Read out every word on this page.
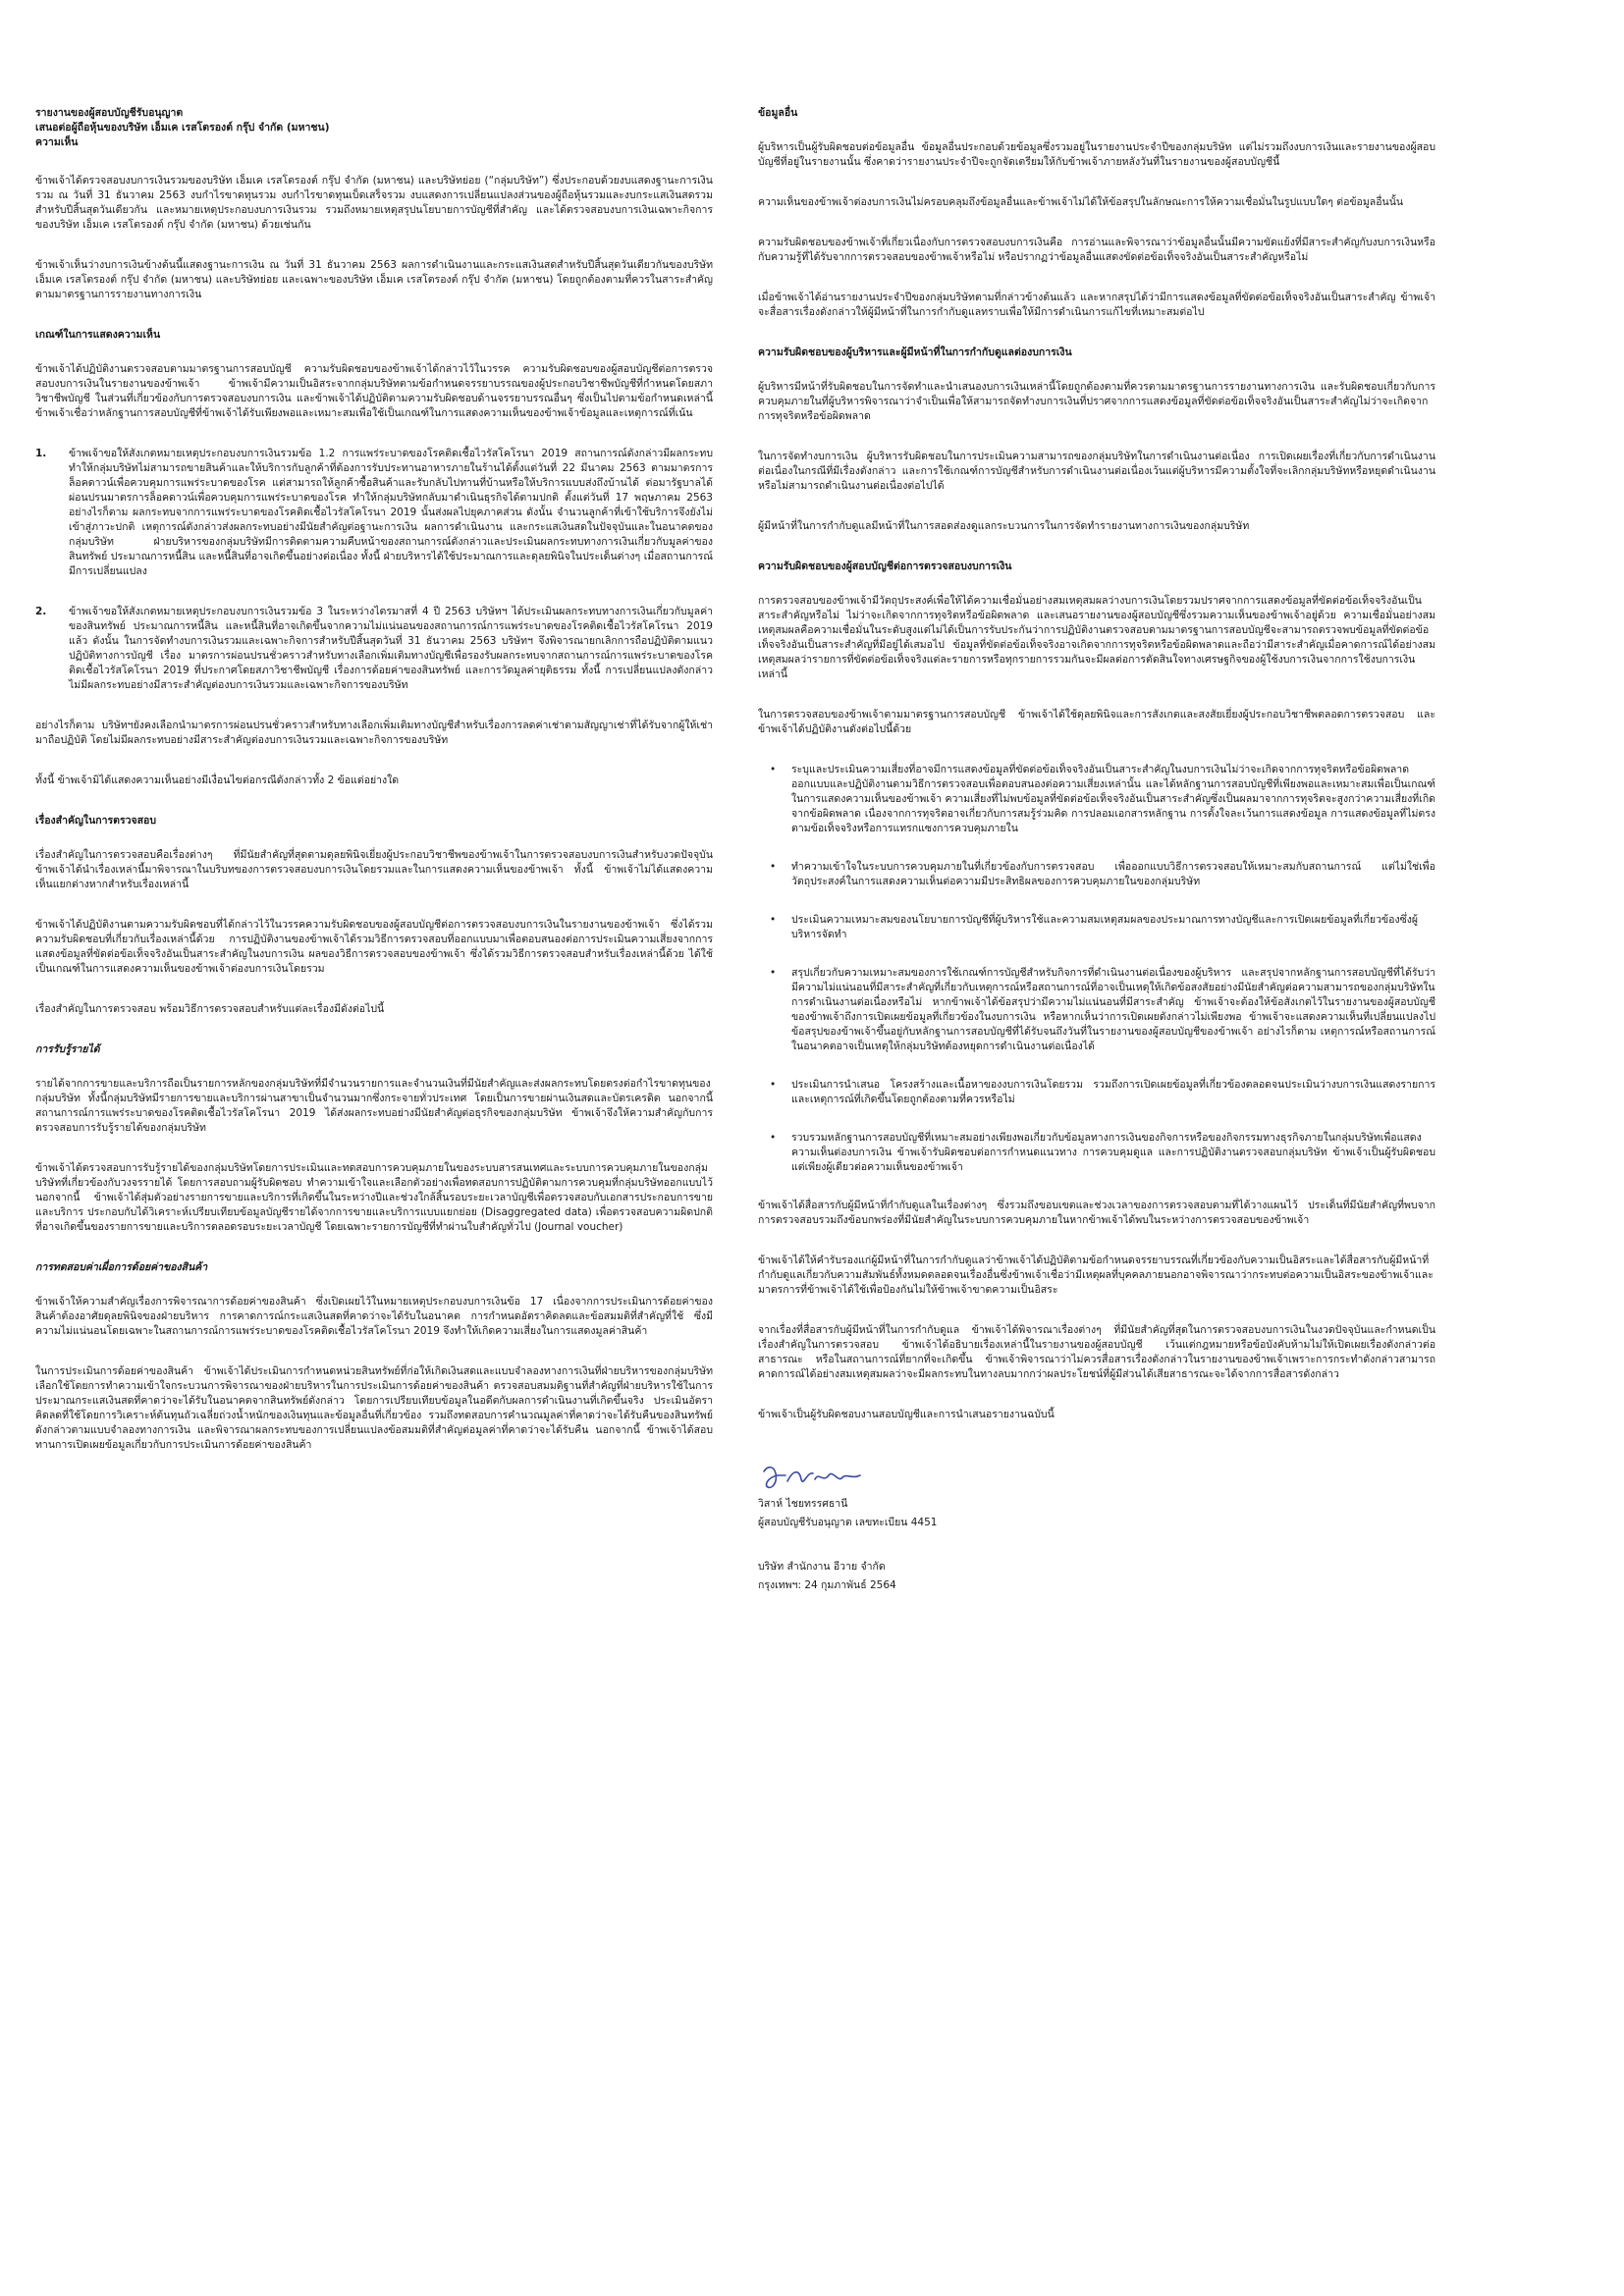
รายงานของผู้สอบบัญชีรับอนุญาต

เสนอต่อผู้ถือหุ้นของบริษัท เอ็มเค เรสโตรองต์ กรุ๊ป จำกัด (มหาชน)

ความเห็น

ข้าพเจ้าได้ตรวจสอบงบการเงินรวมของบริษัท เอ็มเค เรสโตรองต์ กรุ๊ป จำกัด (มหาชน) และบริษัทย่อย (“กลุ่มบริษัท”) ซึ่งประกอบด้วยงบแสดงฐานะการเงินรวม ณ วันที่ 31 ธันวาคม 2563 งบกำไรขาดทุนรวม งบกำไรขาดทุนเบ็ดเสร็จรวม งบแสดงการเปลี่ยนแปลงส่วนของผู้ถือหุ้นรวมและงบกระแสเงินสดรวม สำหรับปีสิ้นสุดวันเดียวกัน และหมายเหตุประกอบงบการเงินรวม รวมถึงหมายเหตุสรุปนโยบายการบัญชีที่สำคัญ และได้ตรวจสอบงบการเงินเฉพาะกิจการของบริษัท เอ็มเค เรสโตรองต์ กรุ๊ป จำกัด (มหาชน) ด้วยเช่นกัน

ข้าพเจ้าเห็นว่างบการเงินข้างต้นนี้แสดงฐานะการเงิน ณ วันที่ 31 ธันวาคม 2563 ผลการดำเนินงานและกระแสเงินสดสำหรับปีสิ้นสุดวันเดียวกันของบริษัท เอ็มเค เรสโตรองต์ กรุ๊ป จำกัด (มหาชน) และบริษัทย่อย และเฉพาะของบริษัท เอ็มเค เรสโตรองต์ กรุ๊ป จำกัด (มหาชน) โดยถูกต้องตามที่ควรในสาระสำคัญตามมาตรฐานการรายงานทางการเงิน

เกณฑ์ในการแสดงความเห็น

ข้าพเจ้าได้ปฏิบัติงานตรวจสอบตามมาตรฐานการสอบบัญชี ความรับผิดชอบของข้าพเจ้าได้กล่าวไว้ในวรรค ความรับผิดชอบของผู้สอบบัญชีต่อการตรวจสอบงบการเงินในรายงานของข้าพเจ้า ข้าพเจ้ามีความเป็นอิสระจากกลุ่มบริษัทตามข้อกำหนดจรรยาบรรณของผู้ประกอบวิชาชีพบัญชีที่กำหนดโดยสภาวิชาชีพบัญชี ในส่วนที่เกี่ยวข้องกับการตรวจสอบงบการเงิน และข้าพเจ้าได้ปฏิบัติตามความรับผิดชอบด้านจรรยาบรรณอื่นๆ ซึ่งเป็นไปตามข้อกำหนดเหล่านี้ ข้าพเจ้าเชื่อว่าหลักฐานการสอบบัญชีที่ข้าพเจ้าได้รับเพียงพอและเหมาะสมเพื่อใช้เป็นเกณฑ์ในการแสดงความเห็นของข้าพเจ้าข้อมูลและเหตุการณ์ที่เน้น

1.	ข้าพเจ้าขอให้สังเกตหมายเหตุประกอบงบการเงินรวมข้อ 1.2 การแพร่ระบาดของโรคติดเชื้อไวรัสโคโรนา 2019 สถานการณ์ดังกล่าวมีผลกระทบทำให้กลุ่มบริษัทไม่สามารถขายสินค้าและให้บริการกับลูกค้าที่ต้องการรับประทานอาหารภายในร้านได้ตั้งแต่วันที่ 22 มีนาคม 2563 ตามมาตรการล็อคดาวน์เพื่อควบคุมการแพร่ระบาดของโรค แต่สามารถให้ลูกค้าซื้อสินค้าและรับกลับไปทานที่บ้านหรือให้บริการแบบส่งถึงบ้านได้ ต่อมารัฐบาลได้ผ่อนปรนมาตรการล็อคดาวน์เพื่อควบคุมการแพร่ระบาดของโรค ทำให้กลุ่มบริษัทกลับมาดำเนินธุรกิจได้ตามปกติ ตั้งแต่วันที่ 17 พฤษภาคม 2563 อย่างไรก็ตาม ผลกระทบจากการแพร่ระบาดของโรคติดเชื้อไวรัสโคโรนา 2019 นั้นส่งผลไปยุคภาคส่วน ดังนั้น จำนวนลูกค้าที่เข้าใช้บริการจึงยังไม่เข้าสู่ภาวะปกติ เหตุการณ์ดังกล่าวส่งผลกระทบอย่างมีนัยสำคัญต่อฐานะการเงิน ผลการดำเนินงาน และกระแสเงินสดในปัจจุบันและในอนาคตของกลุ่มบริษัท ฝ่ายบริหารของกลุ่มบริษัทมีการติดตามความคืบหน้าของสถานการณ์ดังกล่าวและประเมินผลกระทบทางการเงินเกี่ยวกับมูลค่าของสินทรัพย์ ประมาณการหนี้สิน และหนี้สินที่อาจเกิดขึ้นอย่างต่อเนื่อง ทั้งนี้ ฝ่ายบริหารได้ใช้ประมาณการและดุลยพินิจในประเด็นต่างๆ เมื่อสถานการณ์มีการเปลี่ยนแปลง
2.	ข้าพเจ้าขอให้สังเกตหมายเหตุประกอบงบการเงินรวมข้อ 3 ในระหว่างไตรมาสที่ 4 ปี 2563 บริษัทฯ ได้ประเมินผลกระทบทางการเงินเกี่ยวกับมูลค่าของสินทรัพย์ ประมาณการหนี้สิน และหนี้สินที่อาจเกิดขึ้นจากความไม่แน่นอนของสถานการณ์การแพร่ระบาดของโรคติดเชื้อไวรัสโคโรนา 2019 แล้ว ดังนั้น ในการจัดทำงบการเงินรวมและเฉพาะกิจการสำหรับปีสิ้นสุดวันที่ 31 ธันวาคม 2563 บริษัทฯ จึงพิจารณายกเลิกการถือปฏิบัติตามแนวปฏิบัติทางการบัญชี เรื่อง มาตรการผ่อนปรนชั่วคราวสำหรับทางเลือกเพิ่มเติมทางบัญชีเพื่อรองรับผลกระทบจากสถานการณ์การแพร่ระบาดของโรคติดเชื้อไวรัสโคโรนา 2019 ที่ประกาศโดยสภาวิชาชีพบัญชี เรื่องการด้อยค่าของสินทรัพย์ และการวัดมูลค่ายุติธรรม ทั้งนี้ การเปลี่ยนแปลงดังกล่าวไม่มีผลกระทบอย่างมีสาระสำคัญต่องบการเงินรวมและเฉพาะกิจการของบริษัท

อย่างไรก็ตาม บริษัทฯยังคงเลือกนำมาตรการผ่อนปรนชั่วคราวสำหรับทางเลือกเพิ่มเติมทางบัญชีสำหรับเรื่องการลดค่าเช่าตามสัญญาเช่าที่ได้รับจากผู้ให้เช่ามาถือปฏิบัติ โดยไม่มีผลกระทบอย่างมีสาระสำคัญต่องบการเงินรวมและเฉพาะกิจการของบริษัท

ทั้งนี้ ข้าพเจ้ามิได้แสดงความเห็นอย่างมีเงื่อนไขต่อกรณีดังกล่าวทั้ง 2 ข้อแต่อย่างใด

เรื่องสำคัญในการตรวจสอบ

เรื่องสำคัญในการตรวจสอบคือเรื่องต่างๆ ที่มีนัยสำคัญที่สุดตามดุลยพินิจเยี่ยงผู้ประกอบวิชาชีพของข้าพเจ้าในการตรวจสอบงบการเงินสำหรับงวดปัจจุบัน ข้าพเจ้าได้นำเรื่องเหล่านี้มาพิจารณาในบริบทของการตรวจสอบงบการเงินโดยรวมและในการแสดงความเห็นของข้าพเจ้า ทั้งนี้ ข้าพเจ้าไม่ได้แสดงความเห็นแยกต่างหากสำหรับเรื่องเหล่านี้

ข้าพเจ้าได้ปฏิบัติงานตามความรับผิดชอบที่ได้กล่าวไว้ในวรรคความรับผิดชอบของผู้สอบบัญชีต่อการตรวจสอบงบการเงินในรายงานของข้าพเจ้า ซึ่งได้รวมความรับผิดชอบที่เกี่ยวกับเรื่องเหล่านี้ด้วย การปฏิบัติงานของข้าพเจ้าได้รวมวิธีการตรวจสอบที่ออกแบบมาเพื่อตอบสนองต่อการประเมินความเสี่ยงจากการแสดงข้อมูลที่ขัดต่อข้อเท็จจริงอันเป็นสาระสำคัญในงบการเงิน ผลของวิธีการตรวจสอบของข้าพเจ้า ซึ่งได้รวมวิธีการตรวจสอบสำหรับเรื่องเหล่านี้ด้วย ได้ใช้เป็นเกณฑ์ในการแสดงความเห็นของข้าพเจ้าต่องบการเงินโดยรวม

เรื่องสำคัญในการตรวจสอบ พร้อมวิธีการตรวจสอบสำหรับแต่ละเรื่องมีดังต่อไปนี้

การรับรู้รายได้

รายได้จากการขายและบริการถือเป็นรายการหลักของกลุ่มบริษัทที่มีจำนวนรายการและจำนวนเงินที่มีนัยสำคัญและส่งผลกระทบโดยตรงต่อกำไรขาดทุนของกลุ่มบริษัท ทั้งนี้กลุ่มบริษัทมีรายการขายและบริการผ่านสาขาเป็นจำนวนมากซึ่งกระจายทั่วประเทศ โดยเป็นการขายผ่านเงินสดและบัตรเครดิต นอกจากนี้ สถานการณ์การแพร่ระบาดของโรคติดเชื้อไวรัสโคโรนา 2019 ได้ส่งผลกระทบอย่างมีนัยสำคัญต่อธุรกิจของกลุ่มบริษัท ข้าพเจ้าจึงให้ความสำคัญกับการตรวจสอบการรับรู้รายได้ของกลุ่มบริษัท

ข้าพเจ้าได้ตรวจสอบการรับรู้รายได้ของกลุ่มบริษัทโดยการประเมินและทดสอบการควบคุมภายในของระบบสารสนเทศและระบบการควบคุมภายในของกลุ่มบริษัทที่เกี่ยวข้องกับวงจรรายได้ โดยการสอบถามผู้รับผิดชอบ ทำความเข้าใจและเลือกตัวอย่างเพื่อทดสอบการปฏิบัติตามการควบคุมที่กลุ่มบริษัทออกแบบไว้ นอกจากนี้ ข้าพเจ้าได้สุ่มตัวอย่างรายการขายและบริการที่เกิดขึ้นในระหว่างปีและช่วงใกล้สิ้นรอบระยะเวลาบัญชีเพื่อตรวจสอบกับเอกสารประกอบการขายและบริการ ประกอบกับได้วิเคราะห์เปรียบเทียบข้อมูลบัญชีรายได้จากการขายและบริการแบบแยกย่อย (Disaggregated data) เพื่อตรวจสอบความผิดปกติที่อาจเกิดขึ้นของรายการขายและบริการตลอดรอบระยะเวลาบัญชี โดยเฉพาะรายการบัญชีที่ทำผ่านใบสำคัญทั่วไป (Journal voucher)

การทดสอบค่าเผื่อการด้อยค่าของสินค้า

ข้าพเจ้าให้ความสำคัญเรื่องการพิจารณาการด้อยค่าของสินค้า ซึ่งเปิดเผยไว้ในหมายเหตุประกอบงบการเงินข้อ 17 เนื่องจากการประเมินการด้อยค่าของสินค้าต้องอาศัยดุลยพินิจของฝ่ายบริหาร การคาดการณ์กระแสเงินสดที่คาดว่าจะได้รับในอนาคต การกำหนดอัตราคิดลดและข้อสมมติที่สำคัญที่ใช้ ซึ่งมีความไม่แน่นอนโดยเฉพาะในสถานการณ์การแพร่ระบาดของโรคติดเชื้อไวรัสโคโรนา 2019 จึงทำให้เกิดความเสี่ยงในการแสดงมูลค่าสินค้า

ในการประเมินการด้อยค่าของสินค้า ข้าพเจ้าได้ประเมินการกำหนดหน่วยสินทรัพย์ที่ก่อให้เกิดเงินสดและแบบจำลองทางการเงินที่ฝ่ายบริหารของกลุ่มบริษัทเลือกใช้โดยการทำความเข้าใจกระบวนการพิจารณาของฝ่ายบริหารในการประเมินการด้อยค่าของสินค้า ตรวจสอบสมมติฐานที่สำคัญที่ฝ่ายบริหารใช้ในการประมาณกระแสเงินสดที่คาดว่าจะได้รับในอนาคตจากสินทรัพย์ดังกล่าว โดยการเปรียบเทียบข้อมูลในอดีตกับผลการดำเนินงานที่เกิดขึ้นจริง ประเมินอัตราคิดลดที่ใช้โดยการวิเคราะห์ต้นทุนถัวเฉลี่ยถ่วงน้ำหนักของเงินทุนและข้อมูลอื่นที่เกี่ยวข้อง รวมถึงทดสอบการคำนวณมูลค่าที่คาดว่าจะได้รับคืนของสินทรัพย์ดังกล่าวตามแบบจำลองทางการเงิน และพิจารณาผลกระทบของการเปลี่ยนแปลงข้อสมมติที่สำคัญต่อมูลค่าที่คาดว่าจะได้รับคืน นอกจากนี้ ข้าพเจ้าได้สอบทานการเปิดเผยข้อมูลเกี่ยวกับการประเมินการด้อยค่าของสินค้า

ข้อมูลอื่น

ผู้บริหารเป็นผู้รับผิดชอบต่อข้อมูลอื่น ข้อมูลอื่นประกอบด้วยข้อมูลซึ่งรวมอยู่ในรายงานประจำปีของกลุ่มบริษัท แต่ไม่รวมถึงงบการเงินและรายงานของผู้สอบบัญชีที่อยู่ในรายงานนั้น ซึ่งคาดว่ารายงานประจำปีจะถูกจัดเตรียมให้กับข้าพเจ้าภายหลังวันที่ในรายงานของผู้สอบบัญชีนี้

ความเห็นของข้าพเจ้าต่องบการเงินไม่ครอบคลุมถึงข้อมูลอื่นและข้าพเจ้าไม่ได้ให้ข้อสรุปในลักษณะการให้ความเชื่อมั่นในรูปแบบใดๆ ต่อข้อมูลอื่นนั้น

ความรับผิดชอบของข้าพเจ้าที่เกี่ยวเนื่องกับการตรวจสอบงบการเงินคือ การอ่านและพิจารณาว่าข้อมูลอื่นนั้นมีความขัดแย้งที่มีสาระสำคัญกับงบการเงินหรือกับความรู้ที่ได้รับจากการตรวจสอบของข้าพเจ้าหรือไม่ หรือปรากฏว่าข้อมูลอื่นแสดงขัดต่อข้อเท็จจริงอันเป็นสาระสำคัญหรือไม่

เมื่อข้าพเจ้าได้อ่านรายงานประจำปีของกลุ่มบริษัทตามที่กล่าวข้างต้นแล้ว และหากสรุปได้ว่ามีการแสดงข้อมูลที่ขัดต่อข้อเท็จจริงอันเป็นสาระสำคัญ ข้าพเจ้าจะสื่อสารเรื่องดังกล่าวให้ผู้มีหน้าที่ในการกำกับดูแลทราบเพื่อให้มีการดำเนินการแก้ไขที่เหมาะสมต่อไป

ความรับผิดชอบของผู้บริหารและผู้มีหน้าที่ในการกำกับดูแลต่องบการเงิน

ผู้บริหารมีหน้าที่รับผิดชอบในการจัดทำและนำเสนองบการเงินเหล่านี้โดยถูกต้องตามที่ควรตามมาตรฐานการรายงานทางการเงิน และรับผิดชอบเกี่ยวกับการควบคุมภายในที่ผู้บริหารพิจารณาว่าจำเป็นเพื่อให้สามารถจัดทำงบการเงินที่ปราศจากการแสดงข้อมูลที่ขัดต่อข้อเท็จจริงอันเป็นสาระสำคัญไม่ว่าจะเกิดจากการทุจริตหรือข้อผิดพลาด

ในการจัดทำงบการเงิน ผู้บริหารรับผิดชอบในการประเมินความสามารถของกลุ่มบริษัทในการดำเนินงานต่อเนื่อง การเปิดเผยเรื่องที่เกี่ยวกับการดำเนินงานต่อเนื่องในกรณีที่มีเรื่องดังกล่าว และการใช้เกณฑ์การบัญชีสำหรับการดำเนินงานต่อเนื่องเว้นแต่ผู้บริหารมีความตั้งใจที่จะเลิกกลุ่มบริษัทหรือหยุดดำเนินงานหรือไม่สามารถดำเนินงานต่อเนื่องต่อไปได้

ผู้มีหน้าที่ในการกำกับดูแลมีหน้าที่ในการสอดส่องดูแลกระบวนการในการจัดทำรายงานทางการเงินของกลุ่มบริษัท

ความรับผิดชอบของผู้สอบบัญชีต่อการตรวจสอบงบการเงิน

การตรวจสอบของข้าพเจ้ามีวัตถุประสงค์เพื่อให้ได้ความเชื่อมั่นอย่างสมเหตุสมผลว่างบการเงินโดยรวมปราศจากการแสดงข้อมูลที่ขัดต่อข้อเท็จจริงอันเป็นสาระสำคัญหรือไม่ ไม่ว่าจะเกิดจากการทุจริตหรือข้อผิดพลาด และเสนอรายงานของผู้สอบบัญชีซึ่งรวมความเห็นของข้าพเจ้าอยู่ด้วย ความเชื่อมั่นอย่างสมเหตุสมผลคือความเชื่อมั่นในระดับสูงแต่ไม่ได้เป็นการรับประกันว่าการปฏิบัติงานตรวจสอบตามมาตรฐานการสอบบัญชีจะสามารถตรวจพบข้อมูลที่ขัดต่อข้อเท็จจริงอันเป็นสาระสำคัญที่มีอยู่ได้เสมอไป ข้อมูลที่ขัดต่อข้อเท็จจริงอาจเกิดจากการทุจริตหรือข้อผิดพลาดและถือว่ามีสาระสำคัญเมื่อคาดการณ์ได้อย่างสมเหตุสมผลว่ารายการที่ขัดต่อข้อเท็จจริงแต่ละรายการหรือทุกรายการรวมกันจะมีผลต่อการตัดสินใจทางเศรษฐกิจของผู้ใช้งบการเงินจากการใช้งบการเงินเหล่านี้

ในการตรวจสอบของข้าพเจ้าตามมาตรฐานการสอบบัญชี ข้าพเจ้าได้ใช้ดุลยพินิจและการสังเกตและสงสัยเยี่ยงผู้ประกอบวิชาชีพตลอดการตรวจสอบ และข้าพเจ้าได้ปฏิบัติงานดังต่อไปนี้ด้วย

•	ระบุและประเมินความเสี่ยงที่อาจมีการแสดงข้อมูลที่ขัดต่อข้อเท็จจริงอันเป็นสาระสำคัญในงบการเงินไม่ว่าจะเกิดจากการทุจริตหรือข้อผิดพลาด ออกแบบและปฏิบัติงานตามวิธีการตรวจสอบเพื่อตอบสนองต่อความเสี่ยงเหล่านั้น และได้หลักฐานการสอบบัญชีที่เพียงพอและเหมาะสมเพื่อเป็นเกณฑ์ในการแสดงความเห็นของข้าพเจ้า ความเสี่ยงที่ไม่พบข้อมูลที่ขัดต่อข้อเท็จจริงอันเป็นสาระสำคัญซึ่งเป็นผลมาจากการทุจริตจะสูงกว่าความเสี่ยงที่เกิดจากข้อผิดพลาด เนื่องจากการทุจริตอาจเกี่ยวกับการสมรู้ร่วมคิด การปลอมเอกสารหลักฐาน การตั้งใจละเว้นการแสดงข้อมูล การแสดงข้อมูลที่ไม่ตรงตามข้อเท็จจริงหรือการแทรกแซงการควบคุมภายใน
•	ทำความเข้าใจในระบบการควบคุมภายในที่เกี่ยวข้องกับการตรวจสอบ เพื่อออกแบบวิธีการตรวจสอบให้เหมาะสมกับสถานการณ์ แต่ไม่ใช่เพื่อวัตถุประสงค์ในการแสดงความเห็นต่อความมีประสิทธิผลของการควบคุมภายในของกลุ่มบริษัท
•	ประเมินความเหมาะสมของนโยบายการบัญชีที่ผู้บริหารใช้และความสมเหตุสมผลของประมาณการทางบัญชีและการเปิดเผยข้อมูลที่เกี่ยวข้องซึ่งผู้บริหารจัดทำ
•	สรุปเกี่ยวกับความเหมาะสมของการใช้เกณฑ์การบัญชีสำหรับกิจการที่ดำเนินงานต่อเนื่องของผู้บริหาร และสรุปจากหลักฐานการสอบบัญชีที่ได้รับว่ามีความไม่แน่นอนที่มีสาระสำคัญที่เกี่ยวกับเหตุการณ์หรือสถานการณ์ที่อาจเป็นเหตุให้เกิดข้อสงสัยอย่างมีนัยสำคัญต่อความสามารถของกลุ่มบริษัทในการดำเนินงานต่อเนื่องหรือไม่ หากข้าพเจ้าได้ข้อสรุปว่ามีความไม่แน่นอนที่มีสาระสำคัญ ข้าพเจ้าจะต้องให้ข้อสังเกตไว้ในรายงานของผู้สอบบัญชีของข้าพเจ้าถึงการเปิดเผยข้อมูลที่เกี่ยวข้องในงบการเงิน หรือหากเห็นว่าการเปิดเผยดังกล่าวไม่เพียงพอ ข้าพเจ้าจะแสดงความเห็นที่เปลี่ยนแปลงไป ข้อสรุปของข้าพเจ้าขึ้นอยู่กับหลักฐานการสอบบัญชีที่ได้รับจนถึงวันที่ในรายงานของผู้สอบบัญชีของข้าพเจ้า อย่างไรก็ตาม เหตุการณ์หรือสถานการณ์ในอนาคตอาจเป็นเหตุให้กลุ่มบริษัทต้องหยุดการดำเนินงานต่อเนื่องได้
•	ประเมินการนำเสนอ โครงสร้างและเนื้อหาของงบการเงินโดยรวม รวมถึงการเปิดเผยข้อมูลที่เกี่ยวข้องตลอดจนประเมินว่างบการเงินแสดงรายการและเหตุการณ์ที่เกิดขึ้นโดยถูกต้องตามที่ควรหรือไม่
•	รวบรวมหลักฐานการสอบบัญชีที่เหมาะสมอย่างเพียงพอเกี่ยวกับข้อมูลทางการเงินของกิจการหรือของกิจกรรมทางธุรกิจภายในกลุ่มบริษัทเพื่อแสดงความเห็นต่องบการเงิน ข้าพเจ้ารับผิดชอบต่อการกำหนดแนวทาง การควบคุมดูแล และการปฏิบัติงานตรวจสอบกลุ่มบริษัท ข้าพเจ้าเป็นผู้รับผิดชอบแต่เพียงผู้เดียวต่อความเห็นของข้าพเจ้า

ข้าพเจ้าได้สื่อสารกับผู้มีหน้าที่กำกับดูแลในเรื่องต่างๆ ซึ่งรวมถึงขอบเขตและช่วงเวลาของการตรวจสอบตามที่ได้วางแผนไว้ ประเด็นที่มีนัยสำคัญที่พบจากการตรวจสอบรวมถึงข้อบกพร่องที่มีนัยสำคัญในระบบการควบคุมภายในหากข้าพเจ้าได้พบในระหว่างการตรวจสอบของข้าพเจ้า

ข้าพเจ้าได้ให้คำรับรองแก่ผู้มีหน้าที่ในการกำกับดูแลว่าข้าพเจ้าได้ปฏิบัติตามข้อกำหนดจรรยาบรรณที่เกี่ยวข้องกับความเป็นอิสระและได้สื่อสารกับผู้มีหน้าที่กำกับดูแลเกี่ยวกับความสัมพันธ์ทั้งหมดตลอดจนเรื่องอื่นซึ่งข้าพเจ้าเชื่อว่ามีเหตุผลที่บุคคลภายนอกอาจพิจารณาว่ากระทบต่อความเป็นอิสระของข้าพเจ้าและมาตรการที่ข้าพเจ้าได้ใช้เพื่อป้องกันไม่ให้ข้าพเจ้าขาดความเป็นอิสระ

จากเรื่องที่สื่อสารกับผู้มีหน้าที่ในการกำกับดูแล ข้าพเจ้าได้พิจารณาเรื่องต่างๆ ที่มีนัยสำคัญที่สุดในการตรวจสอบงบการเงินในงวดปัจจุบันและกำหนดเป็นเรื่องสำคัญในการตรวจสอบ ข้าพเจ้าได้อธิบายเรื่องเหล่านี้ในรายงานของผู้สอบบัญชี เว้นแต่กฎหมายหรือข้อบังคับห้ามไม่ให้เปิดเผยเรื่องดังกล่าวต่อสาธารณะ หรือในสถานการณ์ที่ยากที่จะเกิดขึ้น ข้าพเจ้าพิจารณาว่าไม่ควรสื่อสารเรื่องดังกล่าวในรายงานของข้าพเจ้าเพราะการกระทำดังกล่าวสามารถคาดการณ์ได้อย่างสมเหตุสมผลว่าจะมีผลกระทบในทางลบมากกว่าผลประโยชน์ที่ผู้มีส่วนได้เสียสาธารณะจะได้จากการสื่อสารดังกล่าว

ข้าพเจ้าเป็นผู้รับผิดชอบงานสอบบัญชีและการนำเสนอรายงานฉบับนี้

วิสาห์ ไชยทรรศธานี

ผู้สอบบัญชีรับอนุญาต เลขทะเบียน 4451

บริษัท สำนักงาน อีวาย จำกัด

กรุงเทพฯ: 24 กุมภาพันธ์ 2564
